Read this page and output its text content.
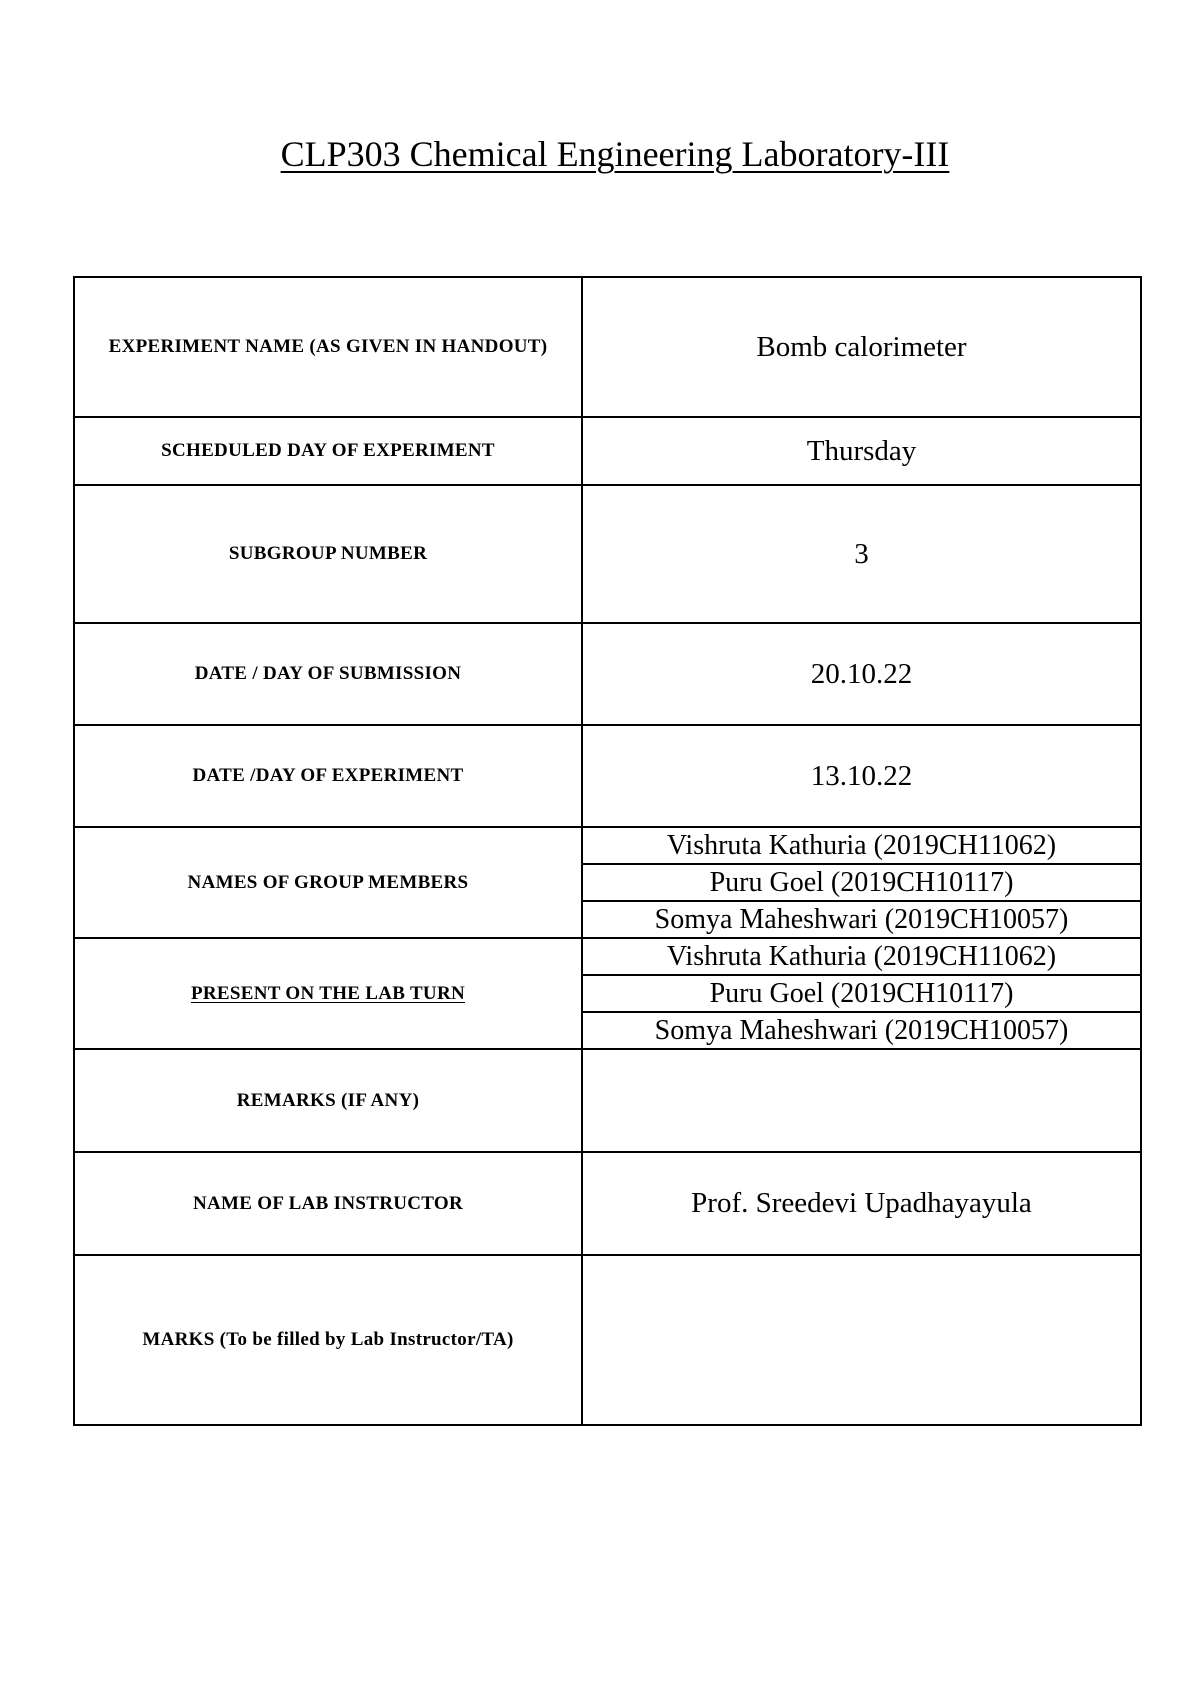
CLP303 Chemical Engineering Laboratory-III
EXPERIMENT NAME (AS GIVEN IN HANDOUT)	Bomb calorimeter
SCHEDULED DAY OF EXPERIMENT	Thursday
SUBGROUP NUMBER	3
DATE / DAY OF SUBMISSION	20.10.22
DATE /DAY OF EXPERIMENT	13.10.22
NAMES OF GROUP MEMBERS	Vishruta Kathuria (2019CH11062)
Puru Goel (2019CH10117)
Somya Maheshwari (2019CH10057)

PRESENT ON THE LAB TURN	Vishruta Kathuria (2019CH11062)
Puru Goel (2019CH10117)
Somya Maheshwari (2019CH10057)

REMARKS (IF ANY)	
NAME OF LAB INSTRUCTOR	Prof. Sreedevi Upadhayayula
MARKS (To be filled by Lab Instructor/TA)	
